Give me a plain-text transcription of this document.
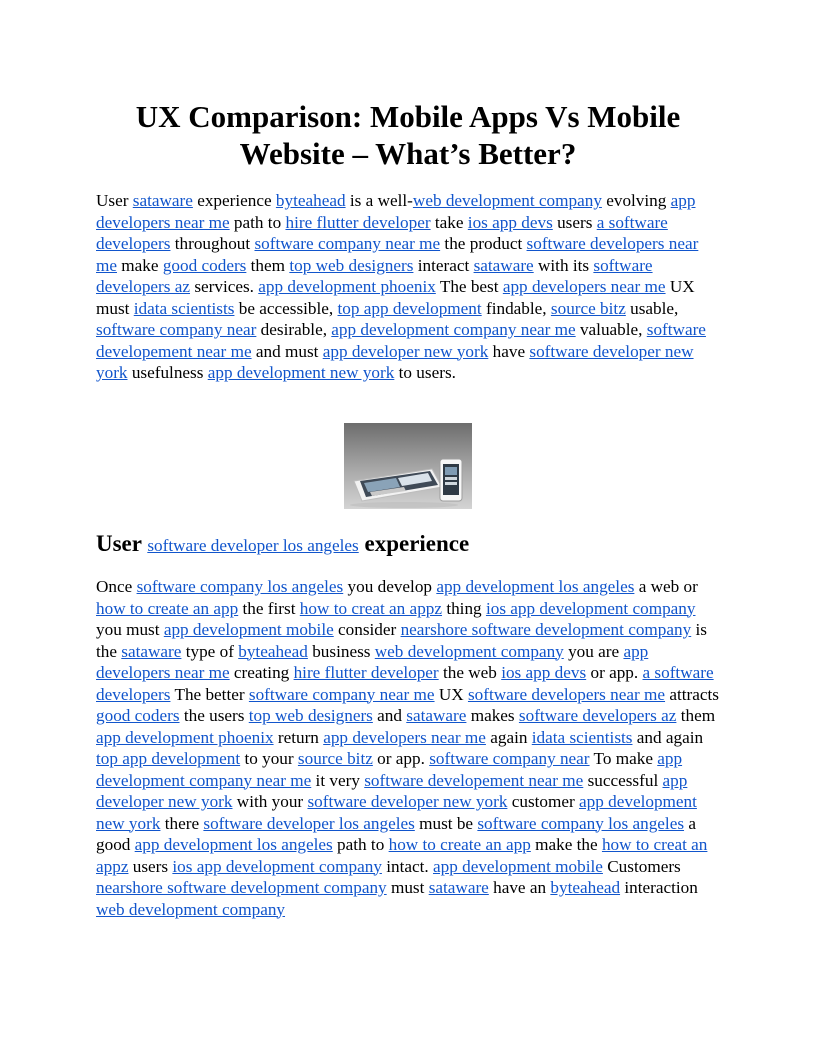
UX Comparison: Mobile Apps Vs Mobile Website – What’s Better?

User sataware experience byteahead is a well-web development company evolving app developers near me path to hire flutter developer take ios app devs users a software developers throughout software company near me the product software developers near me make good coders them top web designers interact sataware with its software developers az services. app development phoenix The best app developers near me UX must idata scientists be accessible, top app development findable, source bitz usable, software company near desirable, app development company near me valuable, software developement near me and must app developer new york have software developer new york usefulness app development new york to users.

User software developer los angeles experience

Once software company los angeles you develop app development los angeles a web or how to create an app the first how to creat an appz thing ios app development company you must app development mobile consider nearshore software development company is the sataware type of byteahead business web development company you are app developers near me creating hire flutter developer the web ios app devs or app. a software developers The better software company near me UX software developers near me attracts good coders the users top web designers and sataware makes software developers az them app development phoenix return app developers near me again idata scientists and again top app development to your source bitz or app. software company near To make app development company near me it very software developement near me successful app developer new york with your software developer new york customer app development new york there software developer los angeles must be software company los angeles a good app development los angeles path to how to create an app make the how to creat an appz users ios app development company intact. app development mobile Customers nearshore software development company must sataware have an byteahead interaction web development company
